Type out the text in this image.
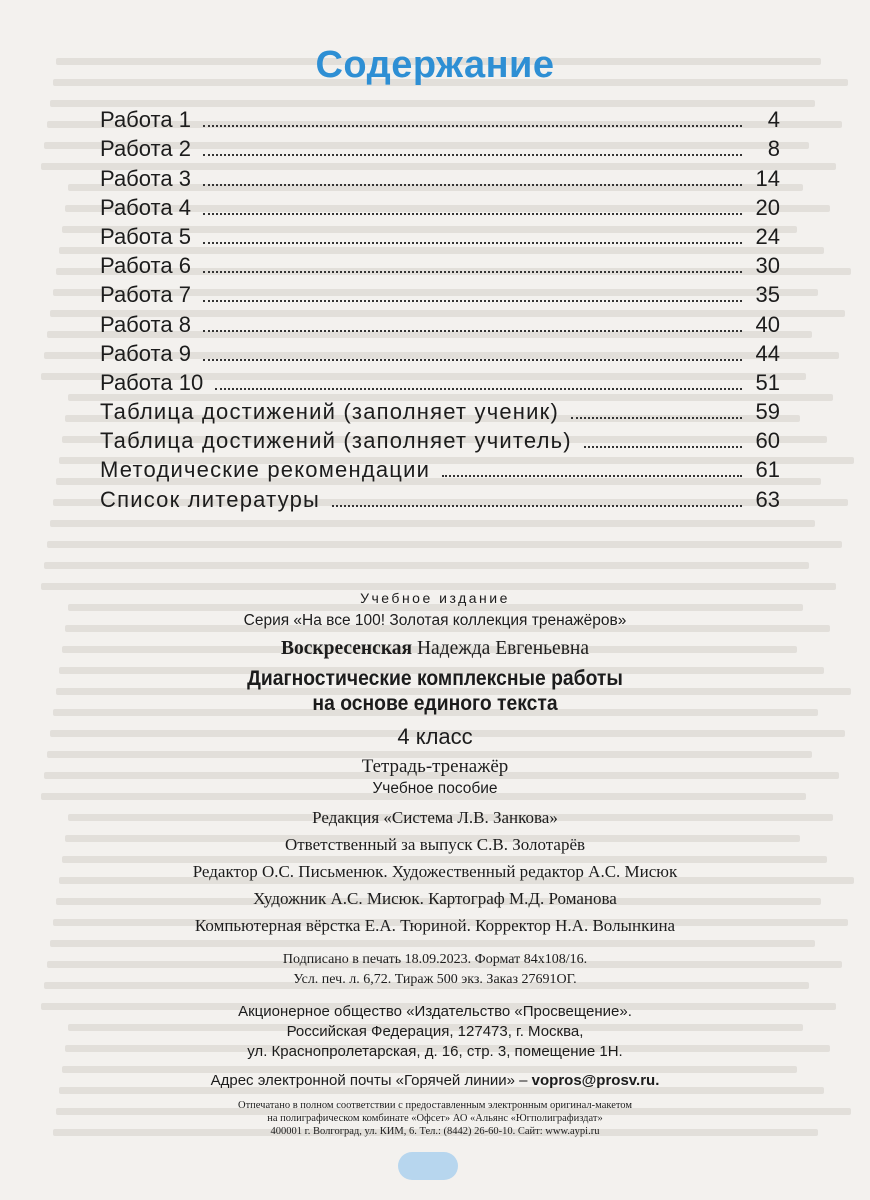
Содержание
Работа 1	4
Работа 2	8
Работа 3	14
Работа 4	20
Работа 5	24
Работа 6	30
Работа 7	35
Работа 8	40
Работа 9	44
Работа 10	51
Таблица достижений (заполняет ученик)	59
Таблица достижений (заполняет учитель)	60
Методические рекомендации	61
Список литературы	63
Учебное издание
Серия «На все 100! Золотая коллекция тренажёров»
Воскресенская Надежда Евгеньевна
Диагностические комплексные работы
на основе единого текста
4 класс
Тетрадь-тренажёр
Учебное пособие
Редакция «Система Л.В. Занкова»
Ответственный за выпуск С.В. Золотарёв
Редактор О.С. Письменюк. Художественный редактор А.С. Мисюк
Художник А.С. Мисюк. Картограф М.Д. Романова
Компьютерная вёрстка Е.А. Тюриной. Корректор Н.А. Волынкина
Подписано в печать 18.09.2023. Формат 84x108/16.
Усл. печ. л. 6,72. Тираж 500 экз. Заказ 27691ОГ.
Акционерное общество «Издательство «Просвещение».
Российская Федерация, 127473, г. Москва,
ул. Краснопролетарская, д. 16, стр. 3, помещение 1Н.
Адрес электронной почты «Горячей линии» – vopros@prosv.ru.
Отпечатано в полном соответствии с предоставленным электронным оригинал-макетом
на полиграфическом комбинате «Офсет» АО «Альянс «Югполиграфиздат»
400001 г. Волгоград, ул. КИМ, 6. Тел.: (8442) 26-60-10. Сайт: www.aypi.ru
